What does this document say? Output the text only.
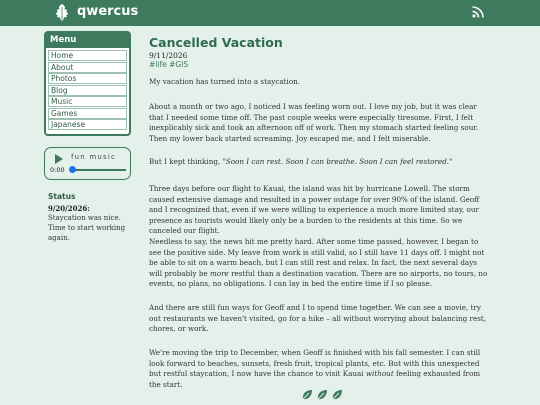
qwercus
Menu
Home
About
Photos
Blog
Music
Games
Japanese
fun music
0:00
Status
9/20/2026:
Staycation was nice. Time to start working again.
Cancelled Vacation
9/11/2026
#life #GIS

My vacation has turned into a staycation.

About a month or two ago, I noticed I was feeling worn out. I love my job, but it was clear that I needed some time off. The past couple weeks were especially tiresome. First, I felt inexplicably sick and took an afternoon off of work. Then my stomach started feeling sour. Then my lower back started screaming. Joy escaped me, and I felt miserable.

But I kept thinking, "Soon I can rest. Soon I can breathe. Soon I can feel restored."

Three days before our flight to Kauai, the island was hit by hurricane Lowell. The storm caused extensive damage and resulted in a power outage for over 90% of the island. Geoff and I recognized that, even if we were willing to experience a much more limited stay, our presence as tourists would likely only be a burden to the residents at this time. So we canceled our flight.

Needless to say, the news hit me pretty hard. After some time passed, however, I began to see the positive side. My leave from work is still valid, so I still have 11 days off. I might not be able to sit on a warm beach, but I can still rest and relax. In fact, the next several days will probably be more restful than a destination vacation. There are no airports, no tours, no events, no plans, no obligations. I can lay in bed the entire time if I so please.

And there are still fun ways for Geoff and I to spend time together. We can see a movie, try out restaurants we haven't visited, go for a hike – all without worrying about balancing rest, chores, or work.

We're moving the trip to December, when Geoff is finished with his fall semester. I can still look forward to beaches, sunsets, fresh fruit, tropical plants, etc. But with this unexpected but restful staycation, I now have the chance to visit Kauai without feeling exhausted from the start.
